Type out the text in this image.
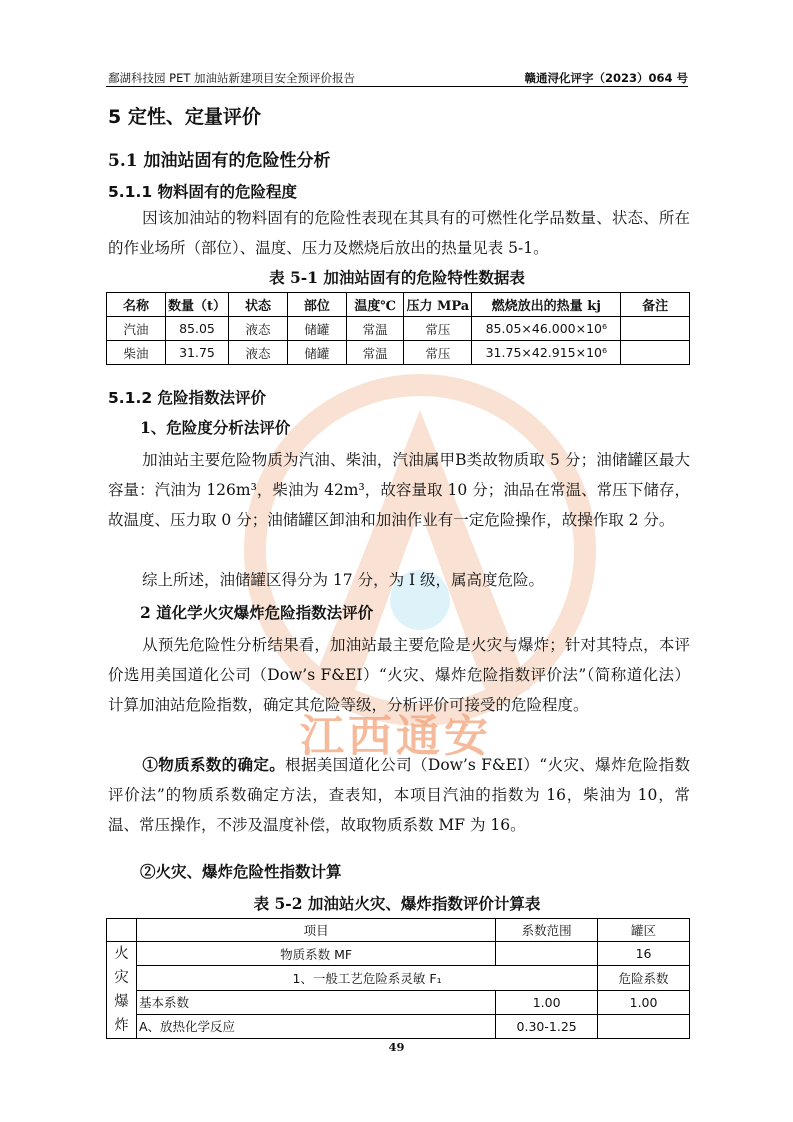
鄱湖科技园 PET 加油站新建项目安全预评价报告	赣通浔化评字（2023）064 号
江西通安
5 定性、定量评价
5.1 加油站固有的危险性分析
5.1.1 物料固有的危险程度

因该加油站的物料固有的危险性表现在其具有的可燃性化学品数量、状态、所在的作业场所（部位）、温度、压力及燃烧后放出的热量见表 5-1。

表 5-1 加油站固有的危险特性数据表
名称	数量（t）	状态	部位	温度℃	压力 MPa	燃烧放出的热量 kj	备注
汽油	85.05	液态	储罐	常温	常压	85.05×46.000×10⁶	
柴油	31.75	液态	储罐	常温	常压	31.75×42.915×10⁶	
5.1.2 危险指数法评价
1、危险度分析法评价

加油站主要危险物质为汽油、柴油，汽油属甲B类故物质取 5 分；油储罐区最大容量：汽油为 126m³，柴油为 42m³，故容量取 10 分；油品在常温、常压下储存，故温度、压力取 0 分；油储罐区卸油和加油作业有一定危险操作，故操作取 2 分。

综上所述，油储罐区得分为 17 分，为 I 级，属高度危险。

2 道化学火灾爆炸危险指数法评价

从预先危险性分析结果看，加油站最主要危险是火灾与爆炸；针对其特点，本评价选用美国道化公司（Dow’s F&EI）“火灾、爆炸危险指数评价法”（简称道化法）计算加油站危险指数，确定其危险等级，分析评价可接受的危险程度。

①物质系数的确定。根据美国道化公司（Dow’s F&EI）“火灾、爆炸危险指数评价法”的物质系数确定方法，查表知，本项目汽油的指数为 16，柴油为 10，常温、常压操作，不涉及温度补偿，故取物质系数 MF 为 16。

②火灾、爆炸危险性指数计算
表 5-2 加油站火灾、爆炸指数评价计算表
	项目	系数范围	罐区
火灾爆炸	物质系数 MF		16
	1、一般工艺危险系灵敏 F₁		危险系数
	基本系数	1.00	1.00
	A、放热化学反应	0.30-1.25	
49
